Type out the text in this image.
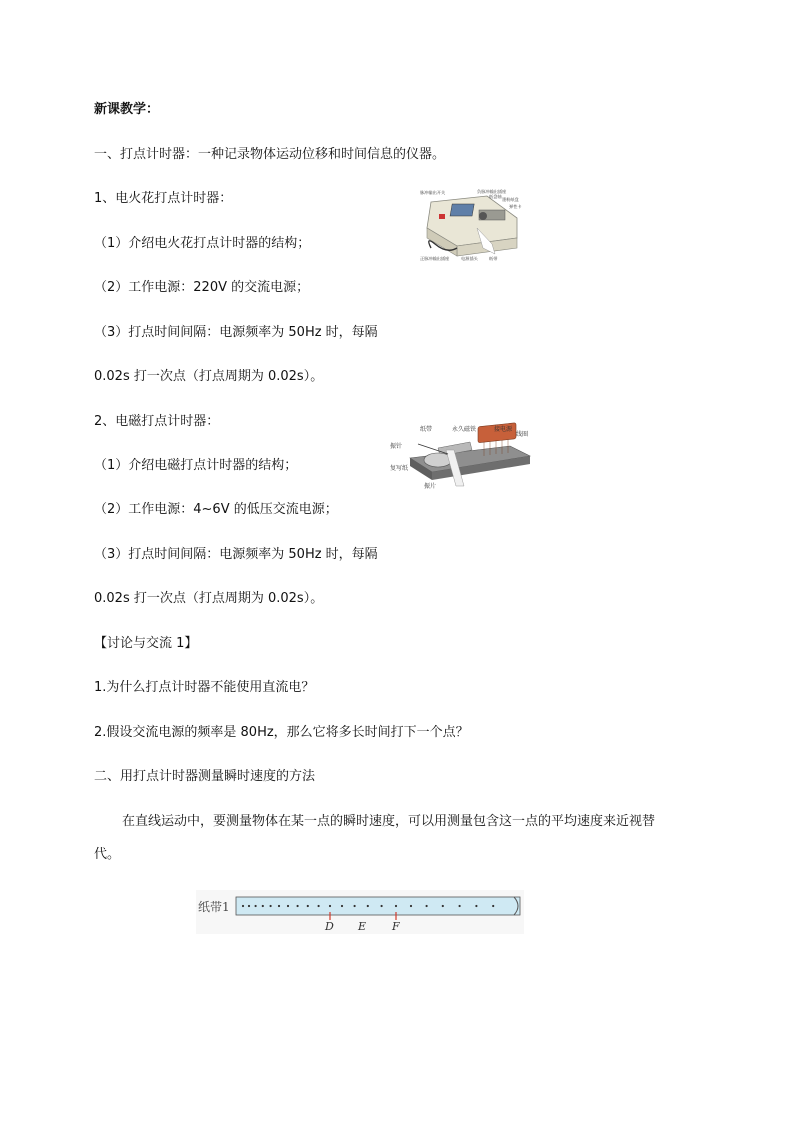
新课教学：
一、打点计时器：一种记录物体运动位移和时间信息的仪器。
1、电火花打点计时器：
（1）介绍电火花打点计时器的结构；
（2）工作电源：220V 的交流电源；
（3）打点时间间隔：电源频率为 50Hz 时，每隔
0.02s 打一次点（打点周期为 0.02s）。
脉冲输出开关	负脉冲输出插座
正脉冲输出插座
墨粉纸盘
纸盘轴
弹性卡
电源插头	纸带
2、电磁打点计时器：
（1）介绍电磁打点计时器的结构；
（2）工作电源：4~6V 的低压交流电源；
（3）打点时间间隔：电源频率为 50Hz 时，每隔
0.02s 打一次点（打点周期为 0.02s）。
纸带	永久磁铁	接电源
线圈
振针
复写纸
振片
【讨论与交流 1】
1.为什么打点计时器不能使用直流电？
2.假设交流电源的频率是 80Hz，那么它将多长时间打下一个点？
二、用打点计时器测量瞬时速度的方法
在直线运动中，要测量物体在某一点的瞬时速度，可以用测量包含这一点的平均速度来近视替
代。
纸带1
D E F
